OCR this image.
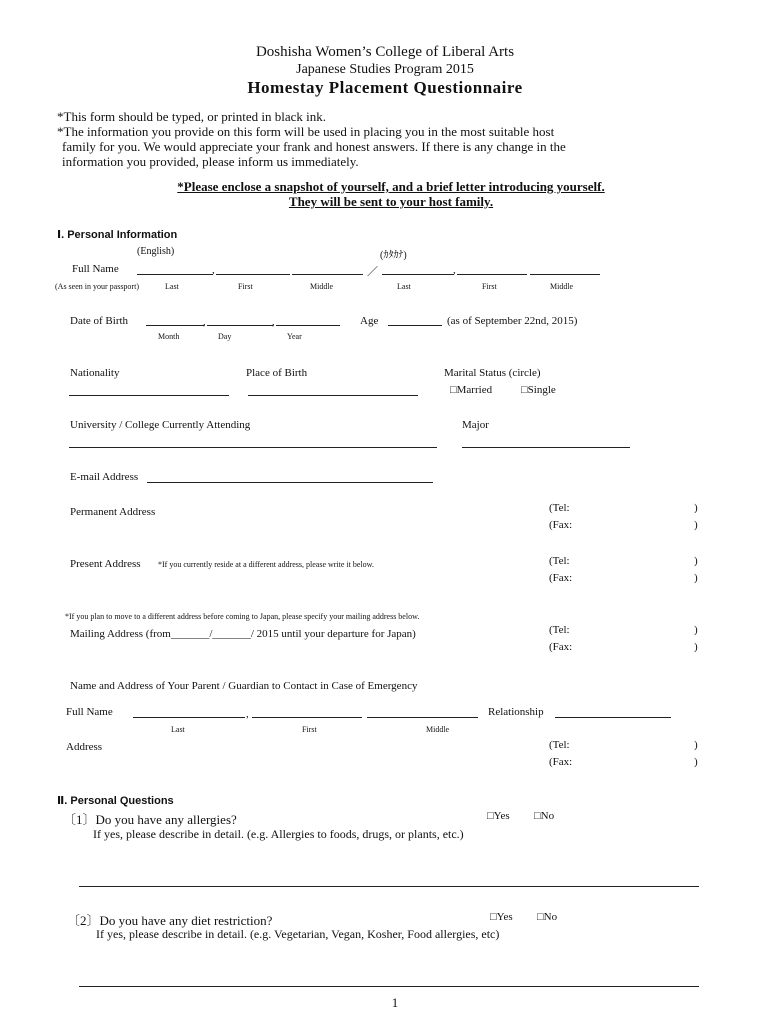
Doshisha Women’s College of Liberal Arts
Japanese Studies Program 2015
Homestay Placement Questionnaire
*This form should be typed, or printed in black ink.
*The information you provide on this form will be used in placing you in the most suitable host
family for you. We would appreciate your frank and honest answers. If there is any change in the
information you provided, please inform us immediately.
*Please enclose a snapshot of yourself, and a brief letter introducing yourself.
They will be sent to your host family.
Ⅰ. Personal Information
(English)	(ｶﾀｶﾅ)
Full Name	,	／	,
(As seen in your passport)	Last	First	Middle	Last	First	Middle
Date of Birth	,	,	Age	(as of September 22nd, 2015)
Month	Day	Year
Nationality	Place of Birth	Marital Status (circle)
□Married	□Single
University / College Currently Attending	Major
E-mail Address
Permanent Address	(Tel:	)
(Fax:	)
Present Address *If you currently reside at a different address, please write it below.	(Tel:	)
(Fax:	)
*If you plan to move to a different address before coming to Japan, please specify your mailing address below.
Mailing Address (from_______/_______/ 2015 until your departure for Japan)	(Tel:	)
(Fax:	)
Name and Address of Your Parent / Guardian to Contact in Case of Emergency
Full Name	,	Relationship
Last	First	Middle
Address	(Tel:	)
(Fax:	)
Ⅱ. Personal Questions
〔1〕Do you have any allergies?	□Yes □No
If yes, please describe in detail. (e.g. Allergies to foods, drugs, or plants, etc.)
〔2〕Do you have any diet restriction?	□Yes □No
If yes, please describe in detail. (e.g. Vegetarian, Vegan, Kosher, Food allergies, etc)
1
